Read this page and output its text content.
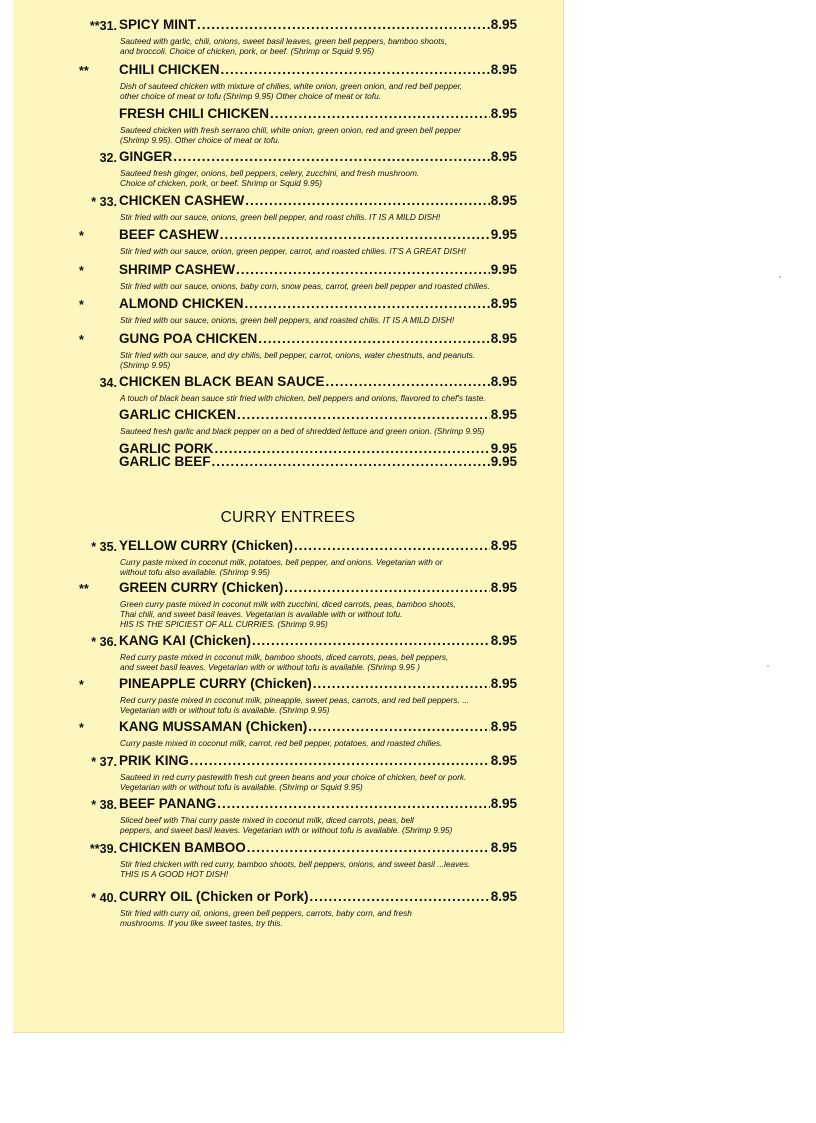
**31. SPICY MINT .....	8.95
Sauteed with garlic, chili, onions, sweet basil leaves, green bell peppers, bamboo shoots,
and broccoli. Choice of chicken, pork, or beef. (Shrimp or Squid 9.95)
** CHILI CHICKEN .....	8.95
Dish of sauteed chicken with mixture of chilies, white onion, green onion, and red bell pepper,
other choice of meat or tofu (Shrimp 9.95) Other choice of meat or tofu.
FRESH CHILI CHICKEN .....	8.95
Sauteed chicken with fresh serrano chili, white onion, green onion, red and green bell pepper
(Shrimp 9.95). Other choice of meat or tofu.
32. GINGER .....	8.95
Sauteed fresh ginger, onions, bell peppers, celery, zucchini, and fresh mushroom.
Choice of chicken, pork, or beef. Shrimp or Squid 9.95)
* 33. CHICKEN CASHEW .....	8.95
Stir fried with our sauce, onions, green bell pepper, and roast chilis. IT IS A MILD DISH!
*	BEEF CASHEW .....	9.95
Stir fried with our sauce, onion, green pepper, carrot, and roasted chilies. IT'S A GREAT DISH!
*	SHRIMP CASHEW .....	9.95
Stir fried with our sauce, onions, baby corn, snow peas, carrot, green bell pepper and roasted chilies.
*	ALMOND CHICKEN .....	8.95
Stir fried with our sauce, onions, green bell peppers, and roasted chilis. IT IS A MILD DISH!
*	GUNG POA CHICKEN .....	8.95
Stir fried with our sauce, and dry chilis, bell pepper, carrot, onions, water chestnuts, and peanuts.
(Shrimp 9.95)
34. CHICKEN BLACK BEAN SAUCE .....	8.95
A touch of black bean sauce stir fried with chicken, bell peppers and onions, flavored to chef's taste.
GARLIC CHICKEN .....	8.95
Sauteed fresh garlic and black pepper on a bed of shredded lettuce and green onion. (Shrimp 9.95)
GARLIC PORK .....	9.95
GARLIC BEEF .....	9.95
CURRY ENTREES
* 35. YELLOW CURRY (Chicken) .....	8.95
Curry paste mixed in coconut milk, potatoes, bell pepper, and onions. Vegetarian with or
without tofu also available. (Shrimp 9.95)
** GREEN CURRY (Chicken) .....	8.95
Green curry paste mixed in coconut milk with zucchini, diced carrots, peas, bamboo shoots,
Thai chili, and sweet basil leaves. Vegetarian is available with or without tofu.
HIS IS THE SPICIEST OF ALL CURRIES. (Shrimp 9.95)
* 36. KANG KAI (Chicken) .....	8.95
Red curry paste mixed in coconut milk, bamboo shoots, diced carrots, peas, bell peppers,
and sweet basil leaves. Vegetarian with or without tofu is available. (Shrimp 9.95 )
*	PINEAPPLE CURRY (Chicken) .....	8.95
Red curry paste mixed in coconut milk, pineapple, sweet peas, carrots, and red bell peppers. ...
Vegetarian with or without tofu is available. (Shrimp 9.95)
*	KANG MUSSAMAN (Chicken) .....	8.95
Curry paste mixed in coconut milk, carrot, red bell pepper, potatoes, and roasted chilies.
* 37. PRIK KING .....	8.95
Sauteed in red curry pastewith fresh cut green beans and your choice of chicken, beef or pork.
Vegetarian with or without tofu is available. (Shrimp or Squid 9.95)
* 38. BEEF PANANG .....	8.95
Sliced beef with Thai curry paste mixed in coconut milk, diced carrots, peas, bell
peppers, and sweet basil leaves. Vegetarian with or without tofu is available. (Shrimp 9.95)
**39. CHICKEN BAMBOO .....	8.95
Stir fried chicken with red curry, bamboo shoots, bell peppers, onions, and sweet basil ...leaves.
THIS IS A GOOD HOT DISH!
* 40. CURRY OIL (Chicken or Pork) .....	8.95
Stir fried with curry oil, onions, green bell peppers, carrots, baby corn, and fresh
mushrooms. If you like sweet tastes, try this.
